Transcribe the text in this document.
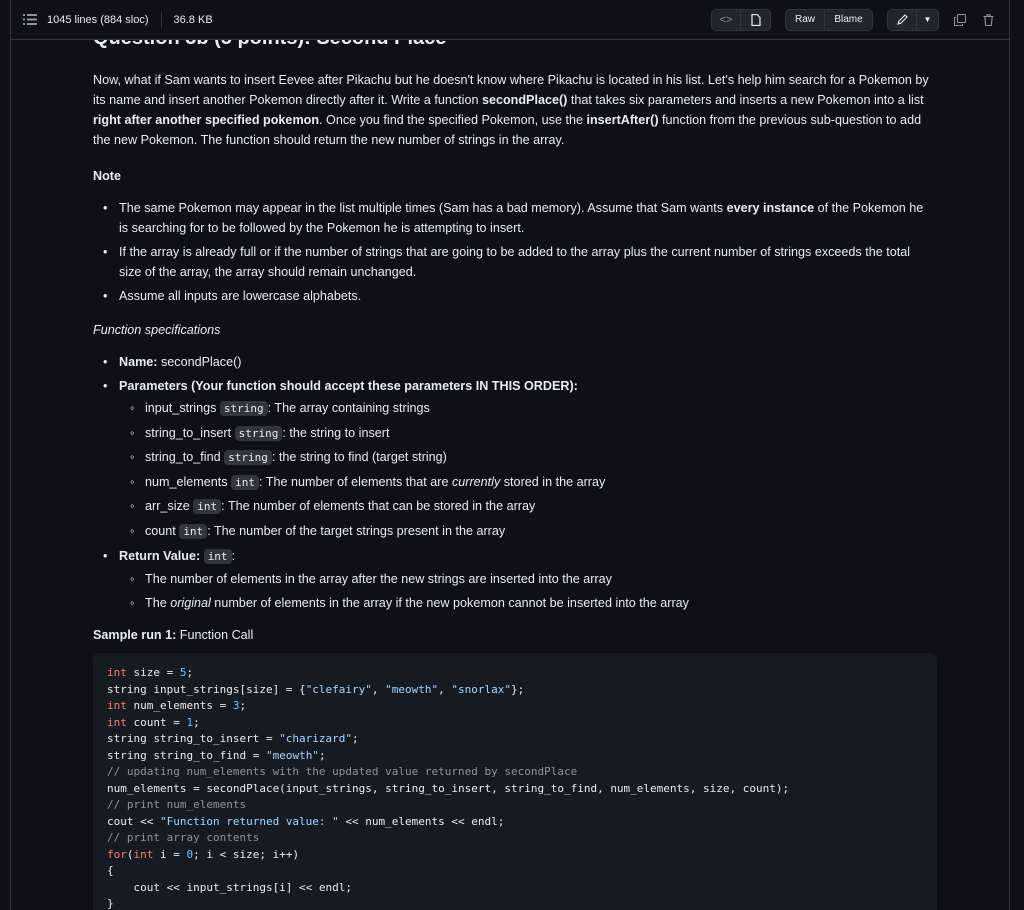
1045 lines (884 sloc) 36.8 KB	<>	Raw	Blame	▼

Now, what if Sam wants to insert Eevee after Pikachu but he doesn't know where Pikachu is located in his list. Let's help him search for a Pokemon by its name and insert another Pokemon directly after it. Write a function secondPlace() that takes six parameters and inserts a new Pokemon into a list right after another specified pokemon. Once you find the specified Pokemon, use the insertAfter() function from the previous sub-question to add the new Pokemon. The function should return the new number of strings in the array.

Note
• The same Pokemon may appear in the list multiple times (Sam has a bad memory). Assume that Sam wants every instance of the Pokemon he is searching for to be followed by the Pokemon he is attempting to insert.
• If the array is already full or if the number of strings that are going to be added to the array plus the current number of strings exceeds the total size of the array, the array should remain unchanged.
• Assume all inputs are lowercase alphabets.
Function specifications
• Name: secondPlace()
• Parameters (Your function should accept these parameters IN THIS ORDER):
◦ input_strings string : The array containing strings
◦ string_to_insert string : the string to insert
◦ string_to_find string : the string to find (target string)
◦ num_elements int : The number of elements that are currently stored in the array
◦ arr_size int : The number of elements that can be stored in the array
◦ count int : The number of the target strings present in the array
• Return Value: int :
◦ The number of elements in the array after the new strings are inserted into the array
◦ The original number of elements in the array if the new pokemon cannot be inserted into the array
Sample run 1: Function Call
int size = 5;
string input_strings[size] = {"clefairy", "meowth", "snorlax"};
int num_elements = 3;
int count = 1;
string string_to_insert = "charizard";
string string_to_find = "meowth";
// updating num_elements with the updated value returned by secondPlace
num_elements = secondPlace(input_strings, string_to_insert, string_to_find, num_elements, size, count);
// print num_elements
cout << "Function returned value: " << num_elements << endl;
// print array contents
for(int i = 0; i < size; i++)
{
cout << input_strings[i] << endl;
}
